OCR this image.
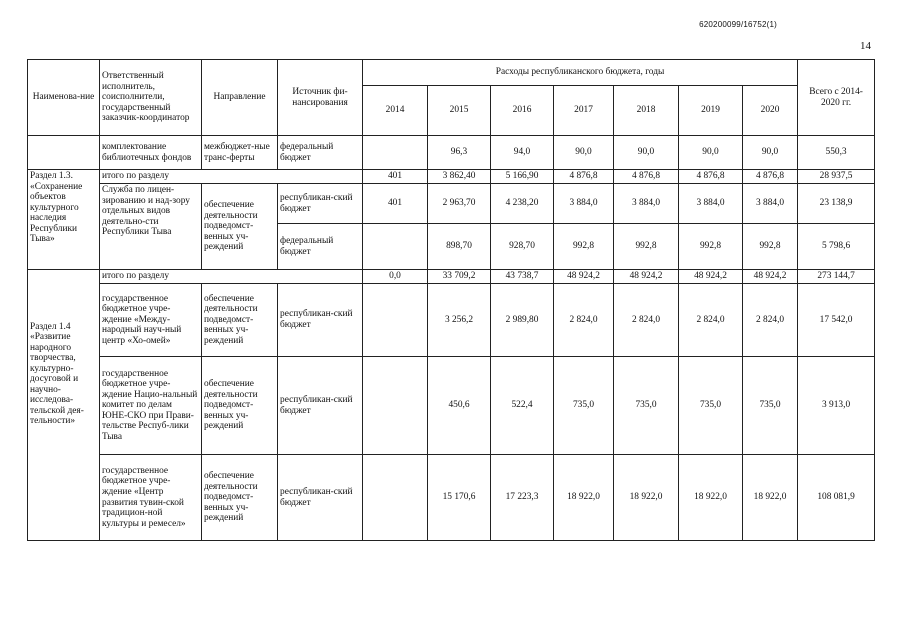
620200099/16752(1)
14
Наименова-ние	Ответственный исполнитель, соисполнители, государственный заказчик-координатор	Направление	Источник фи-нансирования	Расходы республиканского бюджета, годы							Всего с 2014-2020 гг.
				2014	2015	2016	2017	2018	2019	2020	
	комплектование библиотечных фондов	межбюджет-ные транс-ферты	федеральный бюджет		96,3	94,0	90,0	90,0	90,0	90,0	550,3
Раздел 1.3. «Сохранение объектов культурного наследия Республики Тыва»	итого по разделу			401	3 862,40	5 166,90	4 876,8	4 876,8	4 876,8	4 876,8	28 937,5
	Служба по лицен-зированию и над-зору отдельных видов деятельно-сти Республики Тыва	обеспечение деятельности подведомст-венных уч-реждений	республикан-ский бюджет	401	2 963,70	4 238,20	3 884,0	3 884,0	3 884,0	3 884,0	23 138,9
			федеральный бюджет		898,70	928,70	992,8	992,8	992,8	992,8	5 798,6
	итого по разделу			0,0	33 709,2	43 738,7	48 924,2	48 924,2	48 924,2	48 924,2	273 144,7
Раздел 1.4 «Развитие народного творчества, культурно-досуговой и научно-исследова-тельской дея-тельности»	государственное бюджетное учре-ждение «Между-народный науч-ный центр «Хо-омей»	обеспечение деятельности подведомст-венных уч-реждений	республикан-ский бюджет		3 256,2	2 989,80	2 824,0	2 824,0	2 824,0	2 824,0	17 542,0
	государственное бюджетное учре-ждение Нацио-нальный комитет по делам ЮНЕ-СКО при Прави-тельстве Респуб-лики Тыва	обеспечение деятельности подведомст-венных уч-реждений	республикан-ский бюджет		450,6	522,4	735,0	735,0	735,0	735,0	3 913,0
	государственное бюджетное учре-ждение «Центр развития тувин-ской традицион-ной культуры и ремесел»	обеспечение деятельности подведомст-венных уч-реждений	республикан-ский бюджет		15 170,6	17 223,3	18 922,0	18 922,0	18 922,0	18 922,0	108 081,9
